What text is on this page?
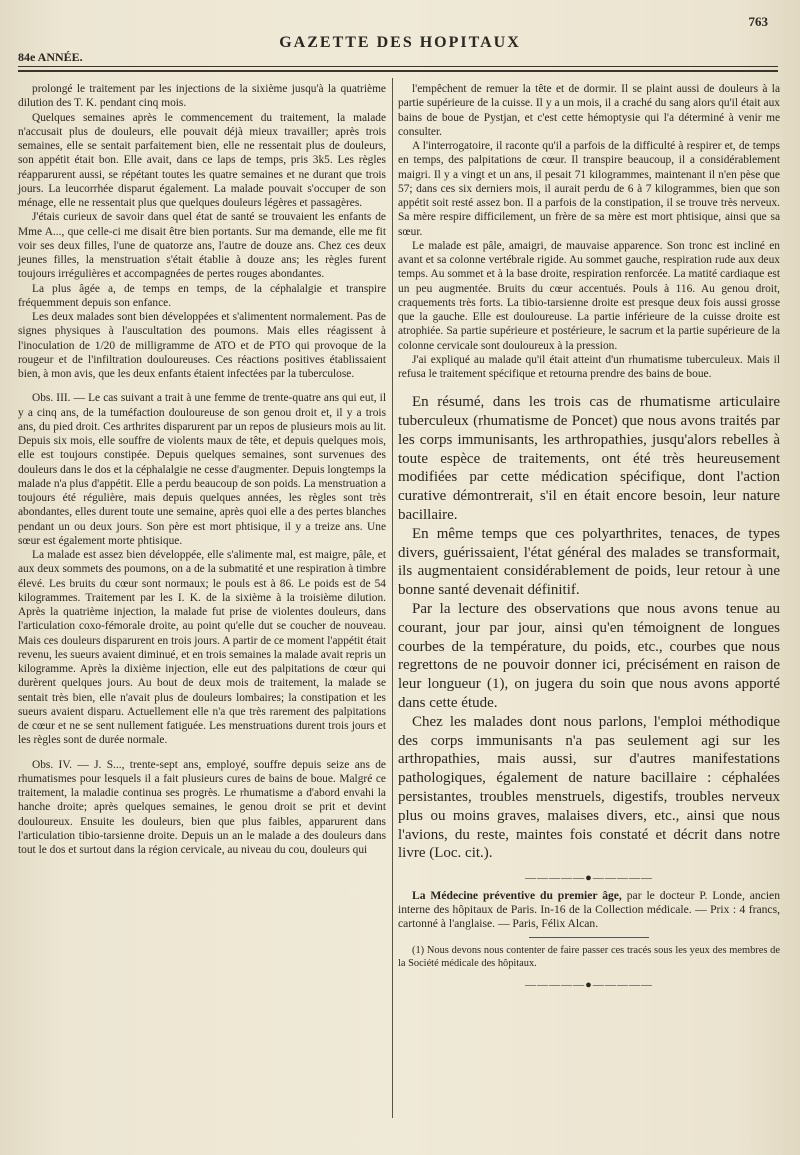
763
GAZETTE DES HOPITAUX
84e ANNÉE.

prolongé le traitement par les injections de la sixième jusqu'à la quatrième dilution des T. K. pendant cinq mois.

Quelques semaines après le commencement du traitement, la malade n'accusait plus de douleurs, elle pouvait déjà mieux travailler; après trois semaines, elle se sentait parfaitement bien, elle ne ressentait plus de douleurs, son appétit était bon. Elle avait, dans ce laps de temps, pris 3k5. Les règles réapparurent aussi, se répétant toutes les quatre semaines et ne durant que trois jours. La leucorrhée disparut également. La malade pouvait s'occuper de son ménage, elle ne ressentait plus que quelques douleurs légères et passagères.

J'étais curieux de savoir dans quel état de santé se trouvaient les enfants de Mme A..., que celle-ci me disait être bien portants. Sur ma demande, elle me fit voir ses deux filles, l'une de quatorze ans, l'autre de douze ans. Chez ces deux jeunes filles, la menstruation s'était établie à douze ans; les règles furent toujours irrégulières et accompagnées de pertes rouges abondantes.

La plus âgée a, de temps en temps, de la céphalalgie et transpire fréquemment depuis son enfance.

Les deux malades sont bien développées et s'alimentent normalement. Pas de signes physiques à l'auscultation des poumons. Mais elles réagissent à l'inoculation de 1/20 de milligramme de ATO et de PTO qui provoque de la rougeur et de l'infiltration douloureuses. Ces réactions positives établissaient bien, à mon avis, que les deux enfants étaient infectées par la tuberculose.

Obs. III. — Le cas suivant a trait à une femme de trente-quatre ans qui eut, il y a cinq ans, de la tuméfaction douloureuse de son genou droit et, il y a trois ans, du pied droit. Ces arthrites disparurent par un repos de plusieurs mois au lit. Depuis six mois, elle souffre de violents maux de tête, et depuis quelques mois, elle est toujours constipée. Depuis quelques semaines, sont survenues des douleurs dans le dos et la céphalalgie ne cesse d'augmenter. Depuis longtemps la malade n'a plus d'appétit. Elle a perdu beaucoup de son poids. La menstruation a toujours été régulière, mais depuis quelques années, les règles sont très abondantes, elles durent toute une semaine, après quoi elle a des pertes blanches pendant un ou deux jours. Son père est mort phtisique, il y a treize ans. Une sœur est également morte phtisique.

La malade est assez bien développée, elle s'alimente mal, est maigre, pâle, et aux deux sommets des poumons, on a de la submatité et une respiration à timbre élevé. Les bruits du cœur sont normaux; le pouls est à 86. Le poids est de 54 kilogrammes. Traitement par les I. K. de la sixième à la troisième dilution. Après la quatrième injection, la malade fut prise de violentes douleurs, dans l'articulation coxo-fémorale droite, au point qu'elle dut se coucher de nouveau. Mais ces douleurs disparurent en trois jours. A partir de ce moment l'appétit était revenu, les sueurs avaient diminué, et en trois semaines la malade avait repris un kilogramme. Après la dixième injection, elle eut des palpitations de cœur qui durèrent quelques jours. Au bout de deux mois de traitement, la malade se sentait très bien, elle n'avait plus de douleurs lombaires; la constipation et les sueurs avaient disparu. Actuellement elle n'a que très rarement des palpitations de cœur et ne se sent nullement fatiguée. Les menstruations durent trois jours et les règles sont de durée normale.

Obs. IV. — J. S..., trente-sept ans, employé, souffre depuis seize ans de rhumatismes pour lesquels il a fait plusieurs cures de bains de boue. Malgré ce traitement, la maladie continua ses progrès. Le rhumatisme a d'abord envahi la hanche droite; après quelques semaines, le genou droit se prit et devint douloureux. Ensuite les douleurs, bien que plus faibles, apparurent dans l'articulation tibio-tarsienne droite. Depuis un an le malade a des douleurs dans tout le dos et surtout dans la région cervicale, au niveau du cou, douleurs qui

l'empêchent de remuer la tête et de dormir. Il se plaint aussi de douleurs à la partie supérieure de la cuisse. Il y a un mois, il a craché du sang alors qu'il était aux bains de boue de Pystjan, et c'est cette hémoptysie qui l'a déterminé à venir me consulter.

A l'interrogatoire, il raconte qu'il a parfois de la difficulté à respirer et, de temps en temps, des palpitations de cœur. Il transpire beaucoup, il a considérablement maigri. Il y a vingt et un ans, il pesait 71 kilogrammes, maintenant il n'en pèse que 57; dans ces six derniers mois, il aurait perdu de 6 à 7 kilogrammes, bien que son appétit soit resté assez bon. Il a parfois de la constipation, il se trouve très nerveux. Sa mère respire difficilement, un frère de sa mère est mort phtisique, ainsi que sa sœur.

Le malade est pâle, amaigri, de mauvaise apparence. Son tronc est incliné en avant et sa colonne vertébrale rigide. Au sommet gauche, respiration rude aux deux temps. Au sommet et à la base droite, respiration renforcée. La matité cardiaque est un peu augmentée. Bruits du cœur accentués. Pouls à 116. Au genou droit, craquements très forts. La tibio-tarsienne droite est presque deux fois aussi grosse que la gauche. Elle est douloureuse. La partie inférieure de la cuisse droite est atrophiée. Sa partie supérieure et postérieure, le sacrum et la partie supérieure de la colonne cervicale sont douloureux à la pression.

J'ai expliqué au malade qu'il était atteint d'un rhumatisme tuberculeux. Mais il refusa le traitement spécifique et retourna prendre des bains de boue.

En résumé, dans les trois cas de rhumatisme articulaire tuberculeux (rhumatisme de Poncet) que nous avons traités par les corps immunisants, les arthropathies, jusqu'alors rebelles à toute espèce de traitements, ont été très heureusement modifiées par cette médication spécifique, dont l'action curative démontrerait, s'il en était encore besoin, leur nature bacillaire.

En même temps que ces polyarthrites, tenaces, de types divers, guérissaient, l'état général des malades se transformait, ils augmentaient considérablement de poids, leur retour à une bonne santé devenait définitif.

Par la lecture des observations que nous avons tenue au courant, jour par jour, ainsi qu'en témoignent de longues courbes de la température, du poids, etc., courbes que nous regrettons de ne pouvoir donner ici, précisément en raison de leur longueur (1), on jugera du soin que nous avons apporté dans cette étude.

Chez les malades dont nous parlons, l'emploi méthodique des corps immunisants n'a pas seulement agi sur les arthropathies, mais aussi, sur d'autres manifestations pathologiques, également de nature bacillaire : céphalées persistantes, troubles menstruels, digestifs, troubles nerveux plus ou moins graves, malaises divers, etc., ainsi que nous l'avions, du reste, maintes fois constaté et décrit dans notre livre (Loc. cit.).

—————●—————

La Médecine préventive du premier âge, par le docteur P. Londe, ancien interne des hôpitaux de Paris. In-16 de la Collection médicale. — Prix : 4 francs, cartonné à l'anglaise. — Paris, Félix Alcan.

(1) Nous devons nous contenter de faire passer ces tracés sous les yeux des membres de la Société médicale des hôpitaux.

—————●—————
